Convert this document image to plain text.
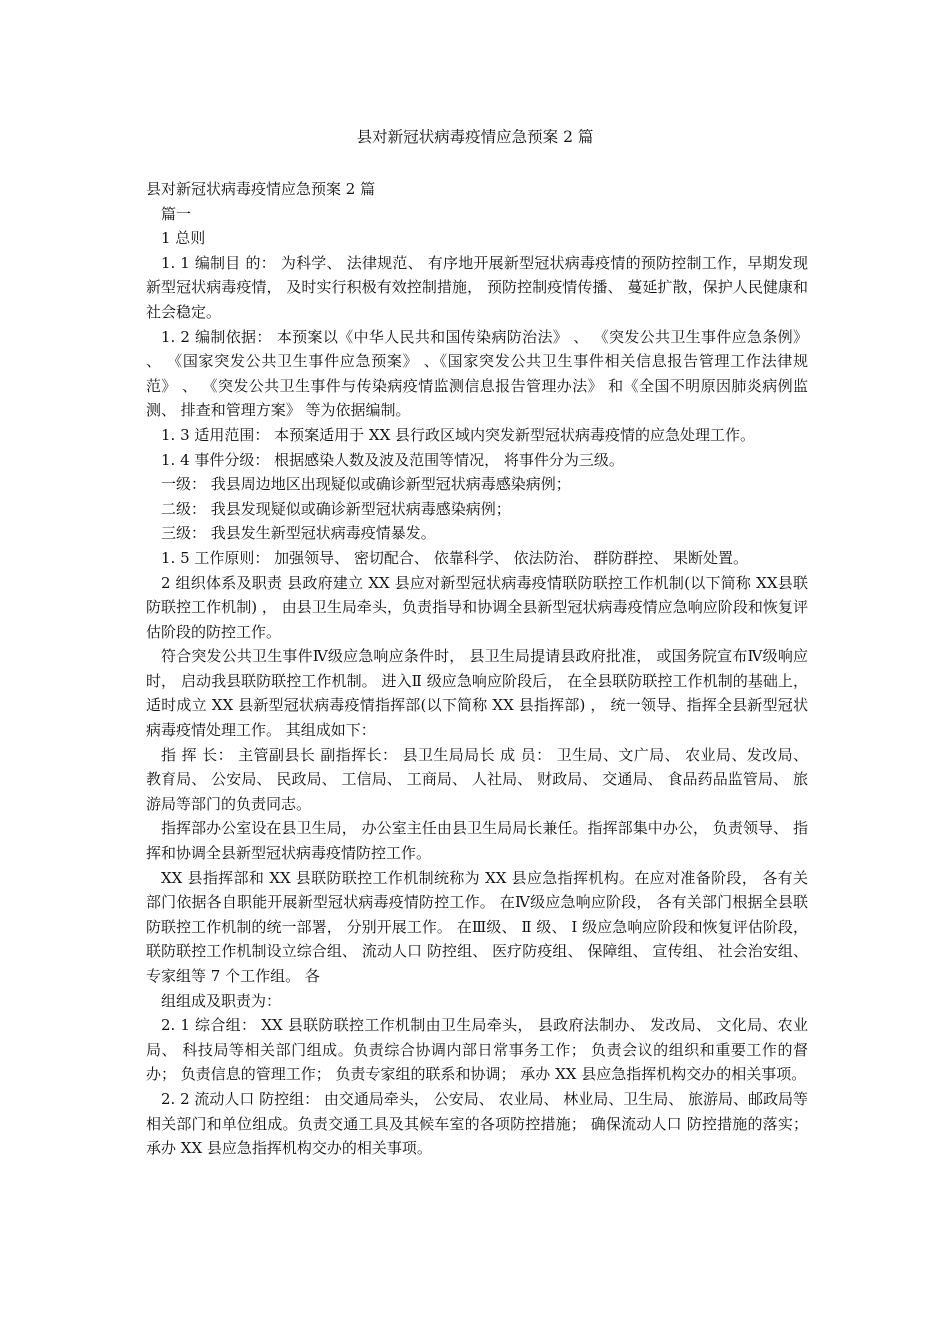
县对新冠状病毒疫情应急预案 2 篇

县对新冠状病毒疫情应急预案 2 篇

篇一

1 总则

1. 1 编制目 的： 为科学、 法律规范、 有序地开展新型冠状病毒疫情的预防控制工作，早期发现新型冠状病毒疫情， 及时实行积极有效控制措施， 预防控制疫情传播、 蔓延扩散，保护人民健康和社会稳定。

1. 2 编制依据： 本预案以《中华人民共和国传染病防治法》 、 《突发公共卫生事件应急条例》 、 《国家突发公共卫生事件应急预案》 、《国家突发公共卫生事件相关信息报告管理工作法律规范》 、 《突发公共卫生事件与传染病疫情监测信息报告管理办法》 和《全国不明原因肺炎病例监测、 排查和管理方案》 等为依据编制。

1. 3 适用范围： 本预案适用于 XX 县行政区域内突发新型冠状病毒疫情的应急处理工作。

1. 4 事件分级： 根据感染人数及波及范围等情况， 将事件分为三级。

一级： 我县周边地区出现疑似或确诊新型冠状病毒感染病例；

二级： 我县发现疑似或确诊新型冠状病毒感染病例；

三级： 我县发生新型冠状病毒疫情暴发。

1. 5 工作原则： 加强领导、 密切配合、 依靠科学、 依法防治、 群防群控、 果断处置。

2 组织体系及职责 县政府建立 XX 县应对新型冠状病毒疫情联防联控工作机制(以下简称 XX县联防联控工作机制) ， 由县卫生局牵头，负责指导和协调全县新型冠状病毒疫情应急响应阶段和恢复评估阶段的防控工作。

符合突发公共卫生事件Ⅳ级应急响应条件时， 县卫生局提请县政府批准， 或国务院宣布Ⅳ级响应时， 启动我县联防联控工作机制。 进入Ⅱ 级应急响应阶段后， 在全县联防联控工作机制的基础上， 适时成立 XX 县新型冠状病毒疫情指挥部(以下简称 XX 县指挥部) ， 统一领导、指挥全县新型冠状病毒疫情处理工作。 其组成如下：

指 挥 长： 主管副县长 副指挥长： 县卫生局局长 成 员： 卫生局、文广局、 农业局、发改局、 教育局、 公安局、 民政局、 工信局、 工商局、 人社局、 财政局、 交通局、 食品药品监管局、 旅游局等部门的负责同志。

指挥部办公室设在县卫生局， 办公室主任由县卫生局局长兼任。指挥部集中办公， 负责领导、 指挥和协调全县新型冠状病毒疫情防控工作。

XX 县指挥部和 XX 县联防联控工作机制统称为 XX 县应急指挥机构。在应对准备阶段， 各有关部门依据各自职能开展新型冠状病毒疫情防控工作。 在Ⅳ级应急响应阶段， 各有关部门根据全县联防联控工作机制的统一部署， 分别开展工作。 在Ⅲ级、 Ⅱ 级、 Ⅰ 级应急响应阶段和恢复评估阶段， 联防联控工作机制设立综合组、 流动人口 防控组、 医疗防疫组、 保障组、 宣传组、 社会治安组、 专家组等 7 个工作组。 各

组组成及职责为：

2. 1 综合组： XX 县联防联控工作机制由卫生局牵头， 县政府法制办、 发改局、 文化局、农业局、 科技局等相关部门组成。负责综合协调内部日常事务工作； 负责会议的组织和重要工作的督办； 负责信息的管理工作； 负责专家组的联系和协调； 承办 XX 县应急指挥机构交办的相关事项。

2. 2 流动人口 防控组： 由交通局牵头， 公安局、 农业局、 林业局、卫生局、 旅游局、邮政局等相关部门和单位组成。负责交通工具及其候车室的各项防控措施； 确保流动人口 防控措施的落实； 承办 XX 县应急指挥机构交办的相关事项。
